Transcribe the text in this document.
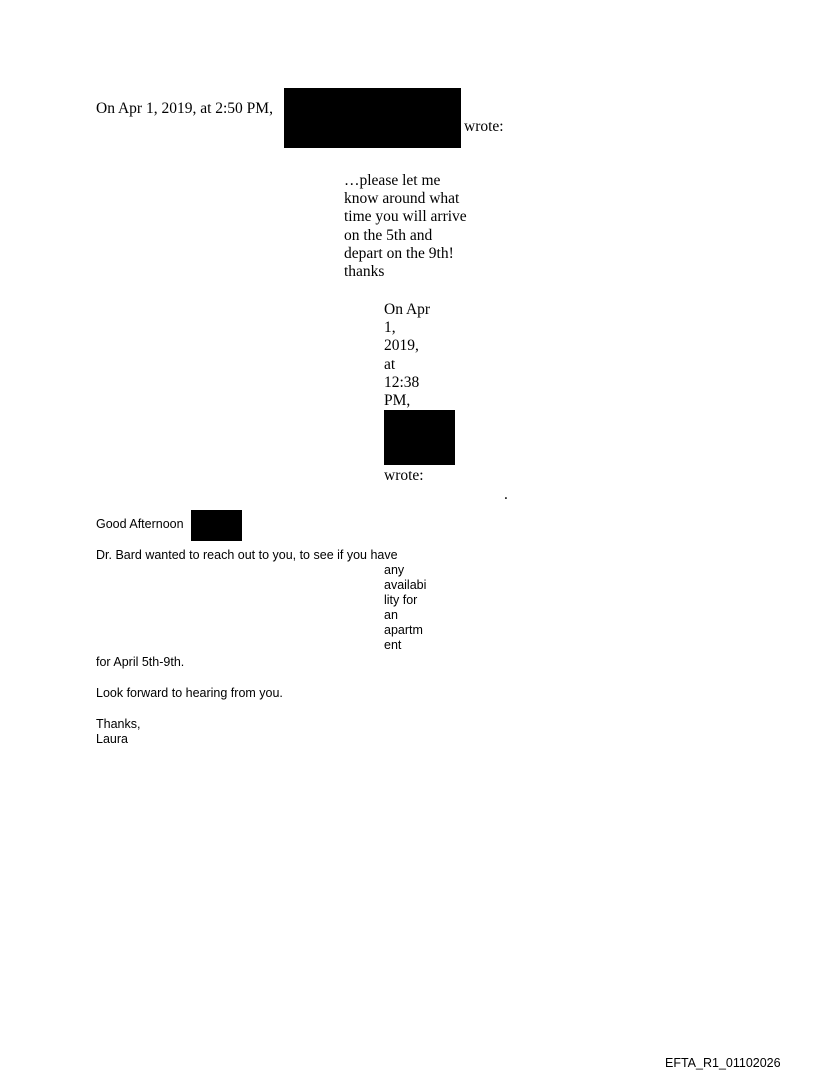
On Apr 1, 2019, at 2:50 PM,
wrote:
…please let me
know around what
time you will arrive
on the 5th and
depart on the 9th!
thanks
On Apr
1,
2019,
at
12:38
PM,
wrote:
.
Good Afternoon
Dr. Bard wanted to reach out to you, to see if you have
any
availabi
lity for
an
apartm
ent
for April 5th-9th.
Look forward to hearing from you.
Thanks,
Laura
EFTA_R1_01102026
